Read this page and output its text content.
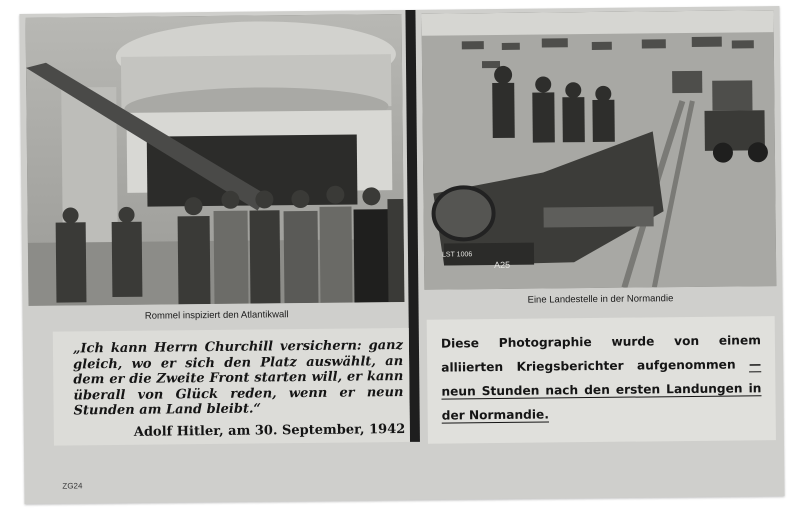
A25
LST 1006
Rommel inspiziert den Atlantikwall
Eine Landestelle in der Normandie
„Ich kann Herrn Churchill versichern: ganz gleich, wo er sich den Platz auswählt, an dem er die Zweite Front starten will, er kann überall von Glück reden, wenn er neun Stunden am Land bleibt.“
Adolf Hitler, am 30. September, 1942
Diese Photographie wurde von einem alliierten Kriegsberichter aufgenommen — neun Stunden nach den ersten Landungen in der Normandie.
ZG24
